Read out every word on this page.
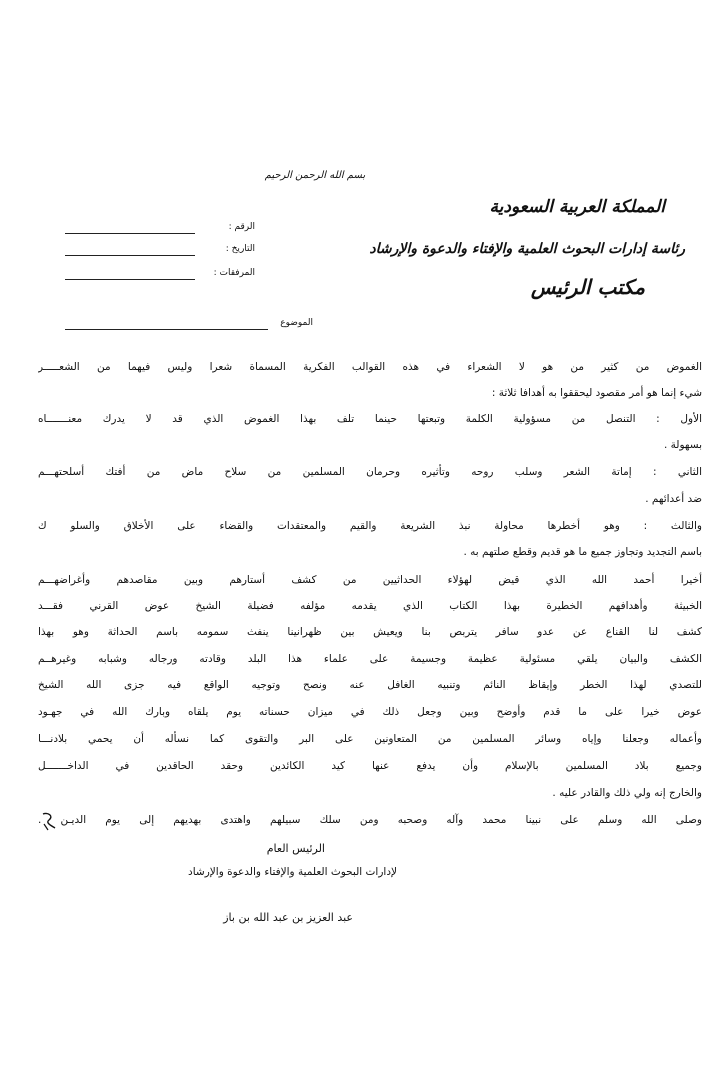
بسم الله الرحمن الرحيم
المملكة العربية السعودية
رئاسة إدارات البحوث العلمية والإفتاء والدعوة والإرشاد
مكتب الرئيس
الرقم :
التاريخ :
المرفقات :
الموضوع
الغموض من كثير من هو لا الشعراء في هذه القوالب الفكرية المسماة شعرا وليس فيهما من الشعـــــر
شيء إنما هو أمر مقصود ليحققوا به أهدافا ثلاثة :
الأول : التنصل من مسؤولية الكلمة وتبعتها حينما تلف بهذا الغموض الذي قد لا يدرك معنـــــــاه
بسهولة .
الثاني : إماتة الشعر وسلب روحه وتأثيره وحرمان المسلمين من سلاح ماض من أفتك أسلحتهـــم
ضد أعدائهم .
والثالث : وهو أخطرها محاولة نبذ الشريعة والقيم والمعتقدات والقضاء على الأخلاق والسلو ك
باسم التجديد وتجاوز جميع ما هو قديم وقطع صلتهم به .
أخيرا أحمد الله الذي قيض لهؤلاء الحداثيين من كشف أستارهم وبين مقاصدهم وأغراضهـــم
الخبيثة وأهدافهم الخطيرة بهذا الكتاب الذي يقدمه مؤلفه فضيلة الشيخ عوض القرني فقـــد
كشف لنا القناع عن عدو سافر يتربص بنا ويعيش بين ظهرانينا ينفث سمومه باسم الحداثة وهو بهذا
الكشف والبيان يلقي مسئولية عظيمة وجسيمة على علماء هذا البلد وقادته ورجاله وشبابه وغيرهــم
للتصدي لهذا الخطر وإيقاظ النائم وتنبيه الغافل عنه ونصح وتوجيه الواقع فيه جزى الله الشيخ
عوض خيرا على ما قدم وأوضح وبين وجعل ذلك في ميزان حسناته يوم يلقاه وبارك الله في جهـود
وأعماله وجعلنا وإياه وسائر المسلمين من المتعاونين على البر والتقوى كما نسأله أن يحمي بلادنـــا
وجميع بلاد المسلمين بالإسلام وأن يدفع عنها كيد الكائدين وحقد الحاقدين في الداخـــــــل
والخارج إنه ولي ذلك والقادر عليه .
وصلى الله وسلم على نبينا محمد وآله وصحبه ومن سلك سبيلهم واهتدى بهديهم إلى يوم الديـن .
الرئيس العام
لإدارات البحوث العلمية والإفتاء والدعوة والإرشاد
عبد العزيز بن عبد الله بن باز
